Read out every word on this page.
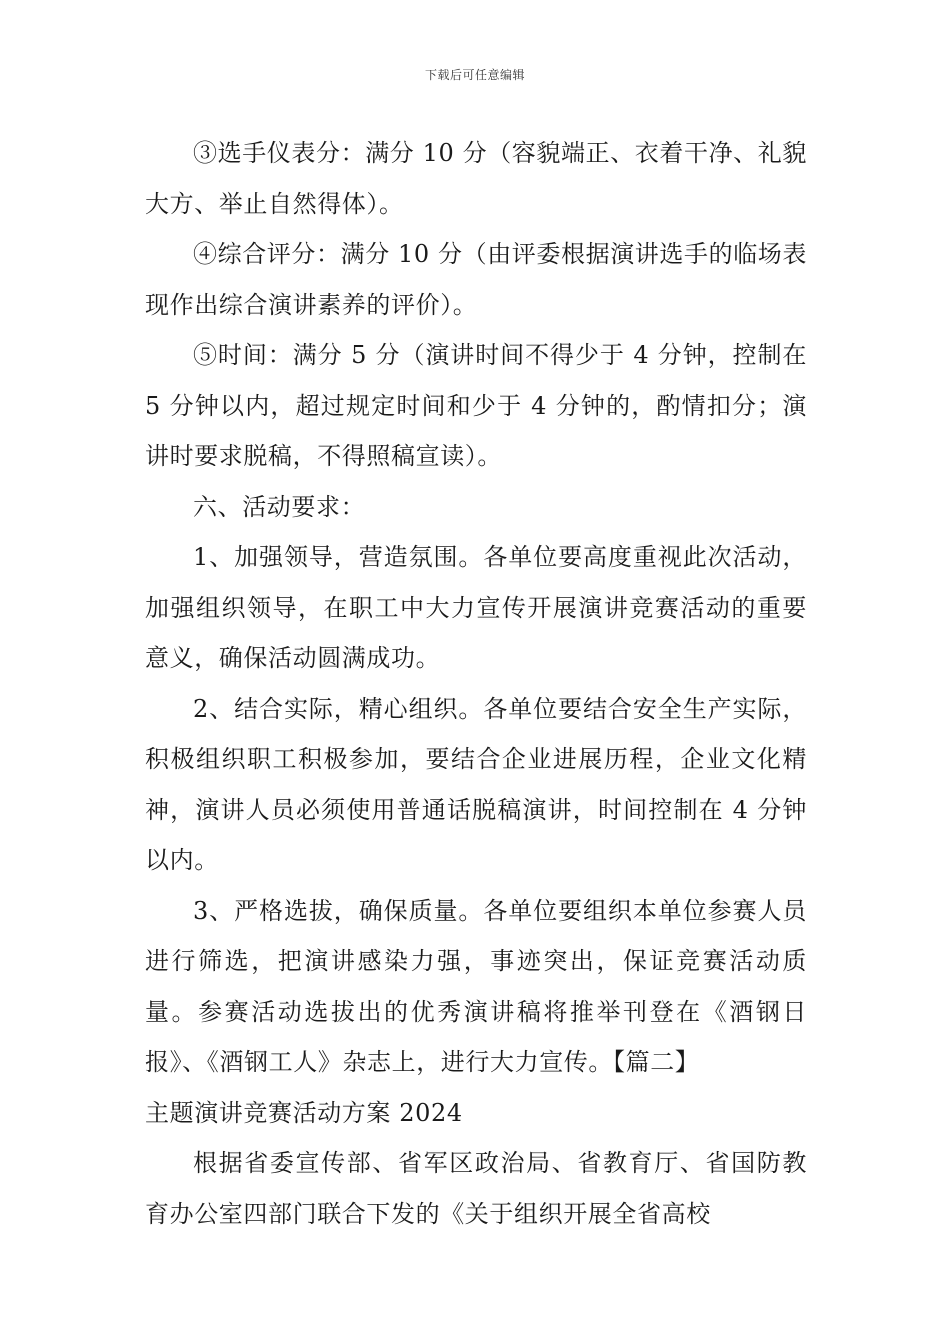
下载后可任意编辑

③选手仪表分：满分 10 分（容貌端正、衣着干净、礼貌大方、举止自然得体）。

④综合评分：满分 10 分（由评委根据演讲选手的临场表现作出综合演讲素养的评价）。

⑤时间：满分 5 分（演讲时间不得少于 4 分钟，控制在 5 分钟以内，超过规定时间和少于 4 分钟的，酌情扣分；演讲时要求脱稿，不得照稿宣读）。

六、活动要求：

1、加强领导，营造氛围。各单位要高度重视此次活动，加强组织领导，在职工中大力宣传开展演讲竞赛活动的重要意义，确保活动圆满成功。

2、结合实际，精心组织。各单位要结合安全生产实际，积极组织职工积极参加，要结合企业进展历程，企业文化精神，演讲人员必须使用普通话脱稿演讲，时间控制在 4 分钟以内。

3、严格选拔，确保质量。各单位要组织本单位参赛人员进行筛选，把演讲感染力强，事迹突出，保证竞赛活动质量。参赛活动选拔出的优秀演讲稿将推举刊登在《酒钢日报》、《酒钢工人》杂志上，进行大力宣传。【篇二】

主题演讲竞赛活动方案 2024

根据省委宣传部、省军区政治局、省教育厅、省国防教育办公室四部门联合下发的《关于组织开展全省高校
